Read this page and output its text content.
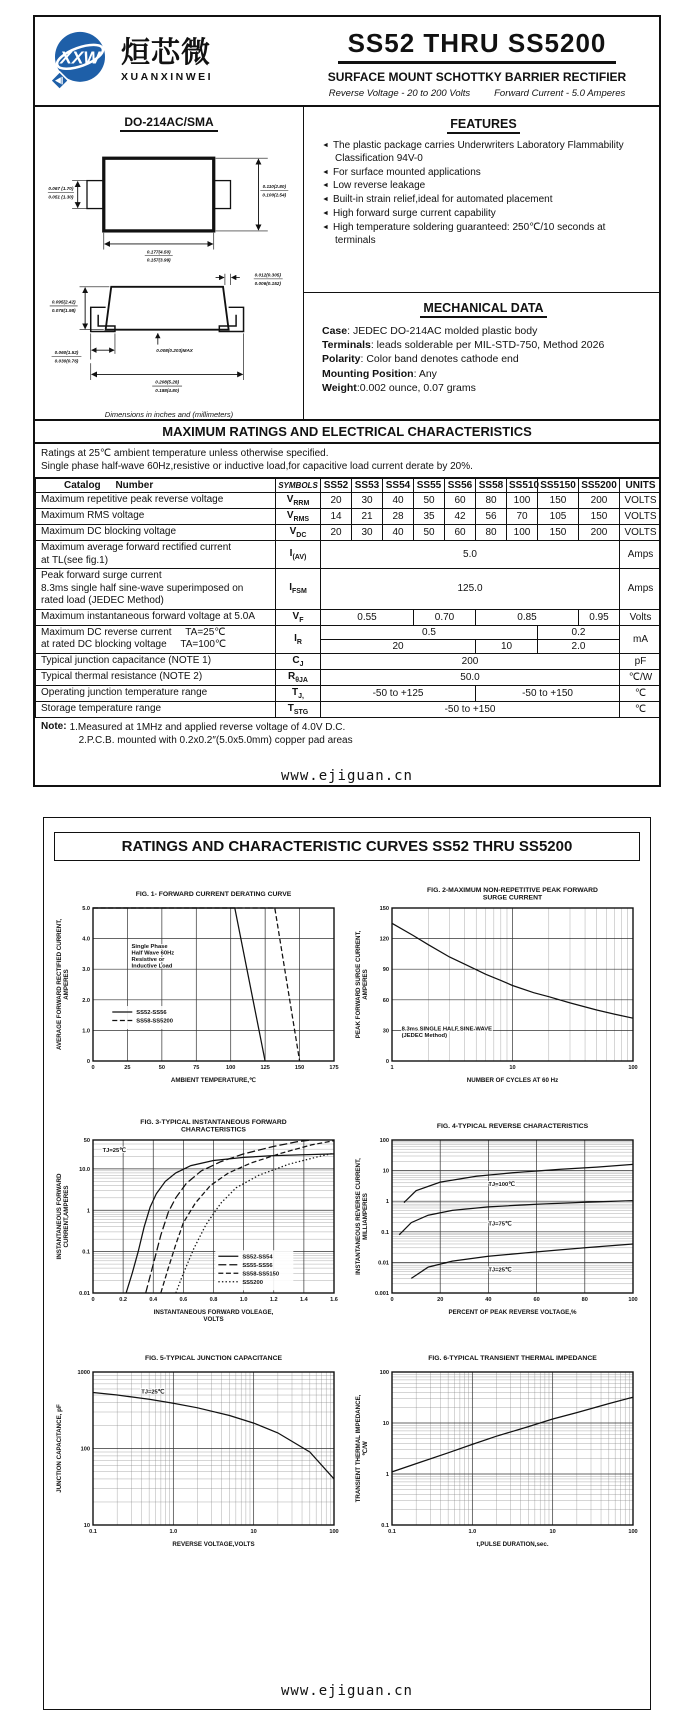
XXW 烜芯微
XUANXINWEI
SS52 THRU SS5200
SURFACE MOUNT SCHOTTKY BARRIER RECTIFIER
Reverse Voltage - 20 to 200 Volts	Forward Current - 5.0 Amperes
DO-214AC/SMA
0.067 (1.70)
0.051 (1.30)
0.110(2.80)
0.100(2.54)
0.177(4.50)
0.157(3.99)
0.012(0.305)
0.006(0.152)
0.095(2.42)
0.078(1.98)
0.060(1.52)
0.030(0.76)
0.008(0.203)MAX
0.208(5.28)
0.188(4.80)
Dimensions in inches and (millimeters)
FEATURES
◄ The plastic package carries Underwriters Laboratory Flammability Classification 94V-0
◄ For surface mounted applications
◄ Low reverse leakage
◄ Built-in strain relief,ideal for automated placement
◄ High forward surge current capability
◄ High temperature soldering guaranteed: 250℃/10 seconds at terminals
MECHANICAL DATA
Case: JEDEC DO-214AC molded plastic body
Terminals: leads solderable per MIL-STD-750, Method 2026
Polarity: Color band denotes cathode end
Mounting Position: Any
Weight:0.002 ounce, 0.07 grams
MAXIMUM RATINGS AND ELECTRICAL CHARACTERISTICS
Ratings at 25℃ ambient temperature unless otherwise specified.
Single phase half-wave 60Hz,resistive or inductive load,for capacitive load current derate by 20%.
Catalog Number	SYMBOLS	SS52	SS53	SS54	SS55	SS56	SS58	SS510	SS5150	SS5200	UNITS

Maximum repetitive peak reverse voltage	$V_{RRM}$	20	30	40	50	60	80	100	150	200	VOLTS

Maximum RMS voltage	$V_{RMS}$	14	21	28	35	42	56	70	105	150	VOLTS

Maximum DC blocking voltage	$V_{DC}$	20	30	40	50	60	80	100	150	200	VOLTS

Maximum average forward rectified current
at TL(see fig.1)	$I_{(AV)}$	5.0									Amps

Peak forward surge current
8.3ms single half sine-wave superimposed on
rated load (JEDEC Method)	$I_{FSM}$	125.0									Amps

Maximum instantaneous forward voltage at 5.0A	$V_F$	0.55			0.70		0.85			0.95	Volts

Maximum DC reverse current     TA=25℃
at rated DC blocking voltage     TA=100℃	$I_R$	0.5							0.2		mA
		20					10		2.0		

Typical junction capacitance (NOTE 1)	$C_J$	200									pF

Typical thermal resistance (NOTE 2)	$R_{\theta JA}$	50.0									℃/W

Operating junction temperature range	$T_{J,}$	-50 to +125					-50 to +150				℃

Storage temperature range	$T_{STG}$	-50 to +150									℃
Note: 1.Measured at 1MHz and applied reverse voltage of 4.0V D.C.
2.P.C.B. mounted with 0.2x0.2″(5.0x5.0mm) copper pad areas
www.ejiguan.cn
RATINGS AND CHARACTERISTIC CURVES SS52 THRU SS5200
0	25	50	75	100	125	150	175
0
1.0
2.0
3.0
4.0
5.0
FIG. 1- FORWARD CURRENT DERATING CURVE
SS52-SS56
SS58-SS5200
Single Phase
Half Wave 60Hz
Resistive or
Inductive Load
AMBIENT TEMPERATURE,℃
AVERAGE FORWARD RECTIFIED CURRENT, AMPERES
1	10	100
0
30
60
90
120
150
FIG. 2-MAXIMUM NON-REPETITIVE PEAK FORWARD
SURGE CURRENT
8.3ms SINGLE HALF SINE-WAVE
(JEDEC Method)
NUMBER OF CYCLES AT 60 Hz
PEAK FORWARD SURGE CURRENT, AMPERES
0	0.2	0.4	0.6	0.8	1.0	1.2	1.4	1.6
0.01
0.1
1
10.0
50
FIG. 3-TYPICAL INSTANTANEOUS FORWARD
CHARACTERISTICS
SS52-SS54
SS55-SS56
SS58-SS5150
SS5200
TJ=25℃
INSTANTANEOUS FORWARD VOLEAGE,
VOLTS
INSTANTANEOUS FORWARD CURRENT,AMPERES
0	20	40	60	80	100
0.001
0.01
0.1
1
10
100
FIG. 4-TYPICAL REVERSE CHARACTERISTICS
TJ=100℃
TJ=75℃
TJ=25℃
PERCENT OF PEAK REVERSE VOLTAGE,%
INSTANTANEOUS REVERSE CURRENT, MILLIAMPERES
0.1	1.0	10	100
10
100
1000
FIG. 5-TYPICAL JUNCTION CAPACITANCE
TJ=25℃
REVERSE VOLTAGE,VOLTS
JUNCTION CAPACITANCE, pF
0.1	1.0	10	100
0.1
1
10
100
FIG. 6-TYPICAL TRANSIENT THERMAL IMPEDANCE
t,PULSE DURATION,sec.
TRANSIENT THERMAL IMPEDANCE, ℃/W
www.ejiguan.cn
